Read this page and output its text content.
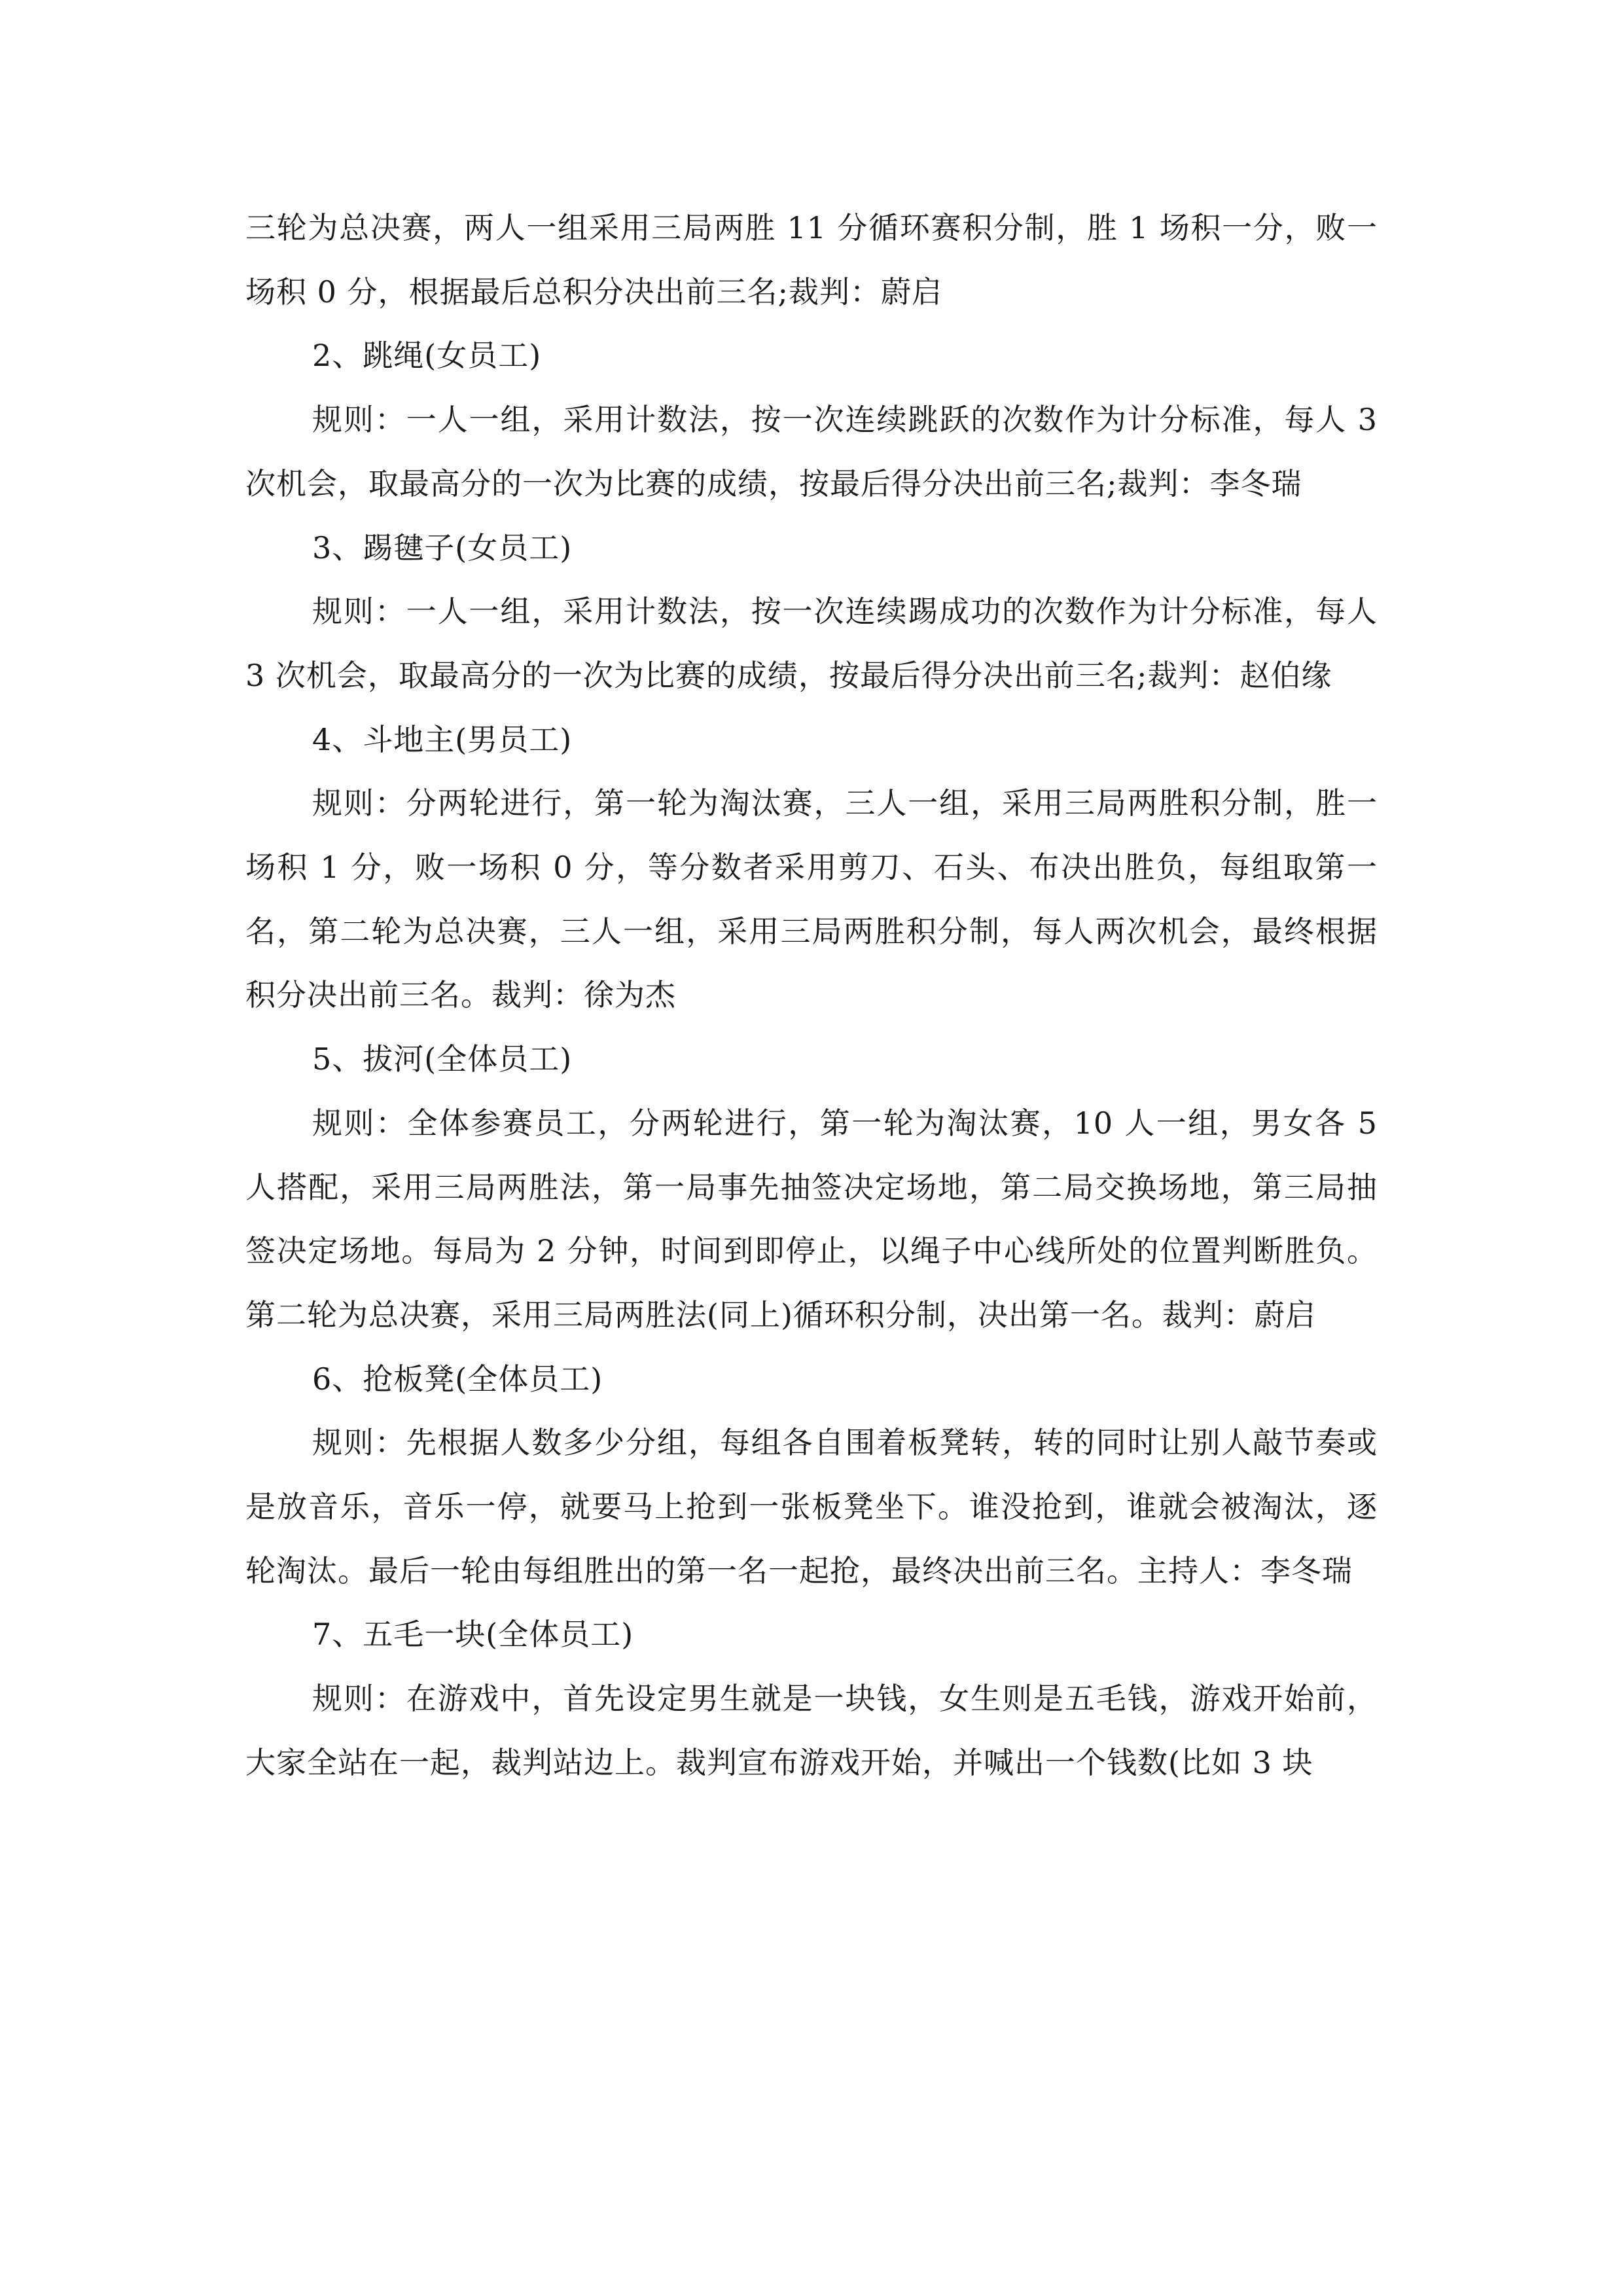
三轮为总决赛，两人一组采用三局两胜 11 分循环赛积分制，胜 1 场积一分，败一场积 0 分，根据最后总积分决出前三名;裁判：蔚启

2、跳绳(女员工)

规则：一人一组，采用计数法，按一次连续跳跃的次数作为计分标准，每人 3 次机会，取最高分的一次为比赛的成绩，按最后得分决出前三名;裁判：李冬瑞

3、踢毽子(女员工)

规则：一人一组，采用计数法，按一次连续踢成功的次数作为计分标准，每人 3 次机会，取最高分的一次为比赛的成绩，按最后得分决出前三名;裁判：赵伯缘

4、斗地主(男员工)

规则：分两轮进行，第一轮为淘汰赛，三人一组，采用三局两胜积分制，胜一场积 1 分，败一场积 0 分，等分数者采用剪刀、石头、布决出胜负，每组取第一名，第二轮为总决赛，三人一组，采用三局两胜积分制，每人两次机会，最终根据积分决出前三名。裁判：徐为杰

5、拔河(全体员工)

规则：全体参赛员工，分两轮进行，第一轮为淘汰赛，10 人一组，男女各 5 人搭配，采用三局两胜法，第一局事先抽签决定场地，第二局交换场地，第三局抽签决定场地。每局为 2 分钟，时间到即停止，以绳子中心线所处的位置判断胜负。第二轮为总决赛，采用三局两胜法(同上)循环积分制，决出第一名。裁判：蔚启

6、抢板凳(全体员工)

规则：先根据人数多少分组，每组各自围着板凳转，转的同时让别人敲节奏或是放音乐，音乐一停，就要马上抢到一张板凳坐下。谁没抢到，谁就会被淘汰，逐轮淘汰。最后一轮由每组胜出的第一名一起抢，最终决出前三名。主持人：李冬瑞

7、五毛一块(全体员工)

规则：在游戏中，首先设定男生就是一块钱，女生则是五毛钱，游戏开始前，大家全站在一起，裁判站边上。裁判宣布游戏开始，并喊出一个钱数(比如 3 块
